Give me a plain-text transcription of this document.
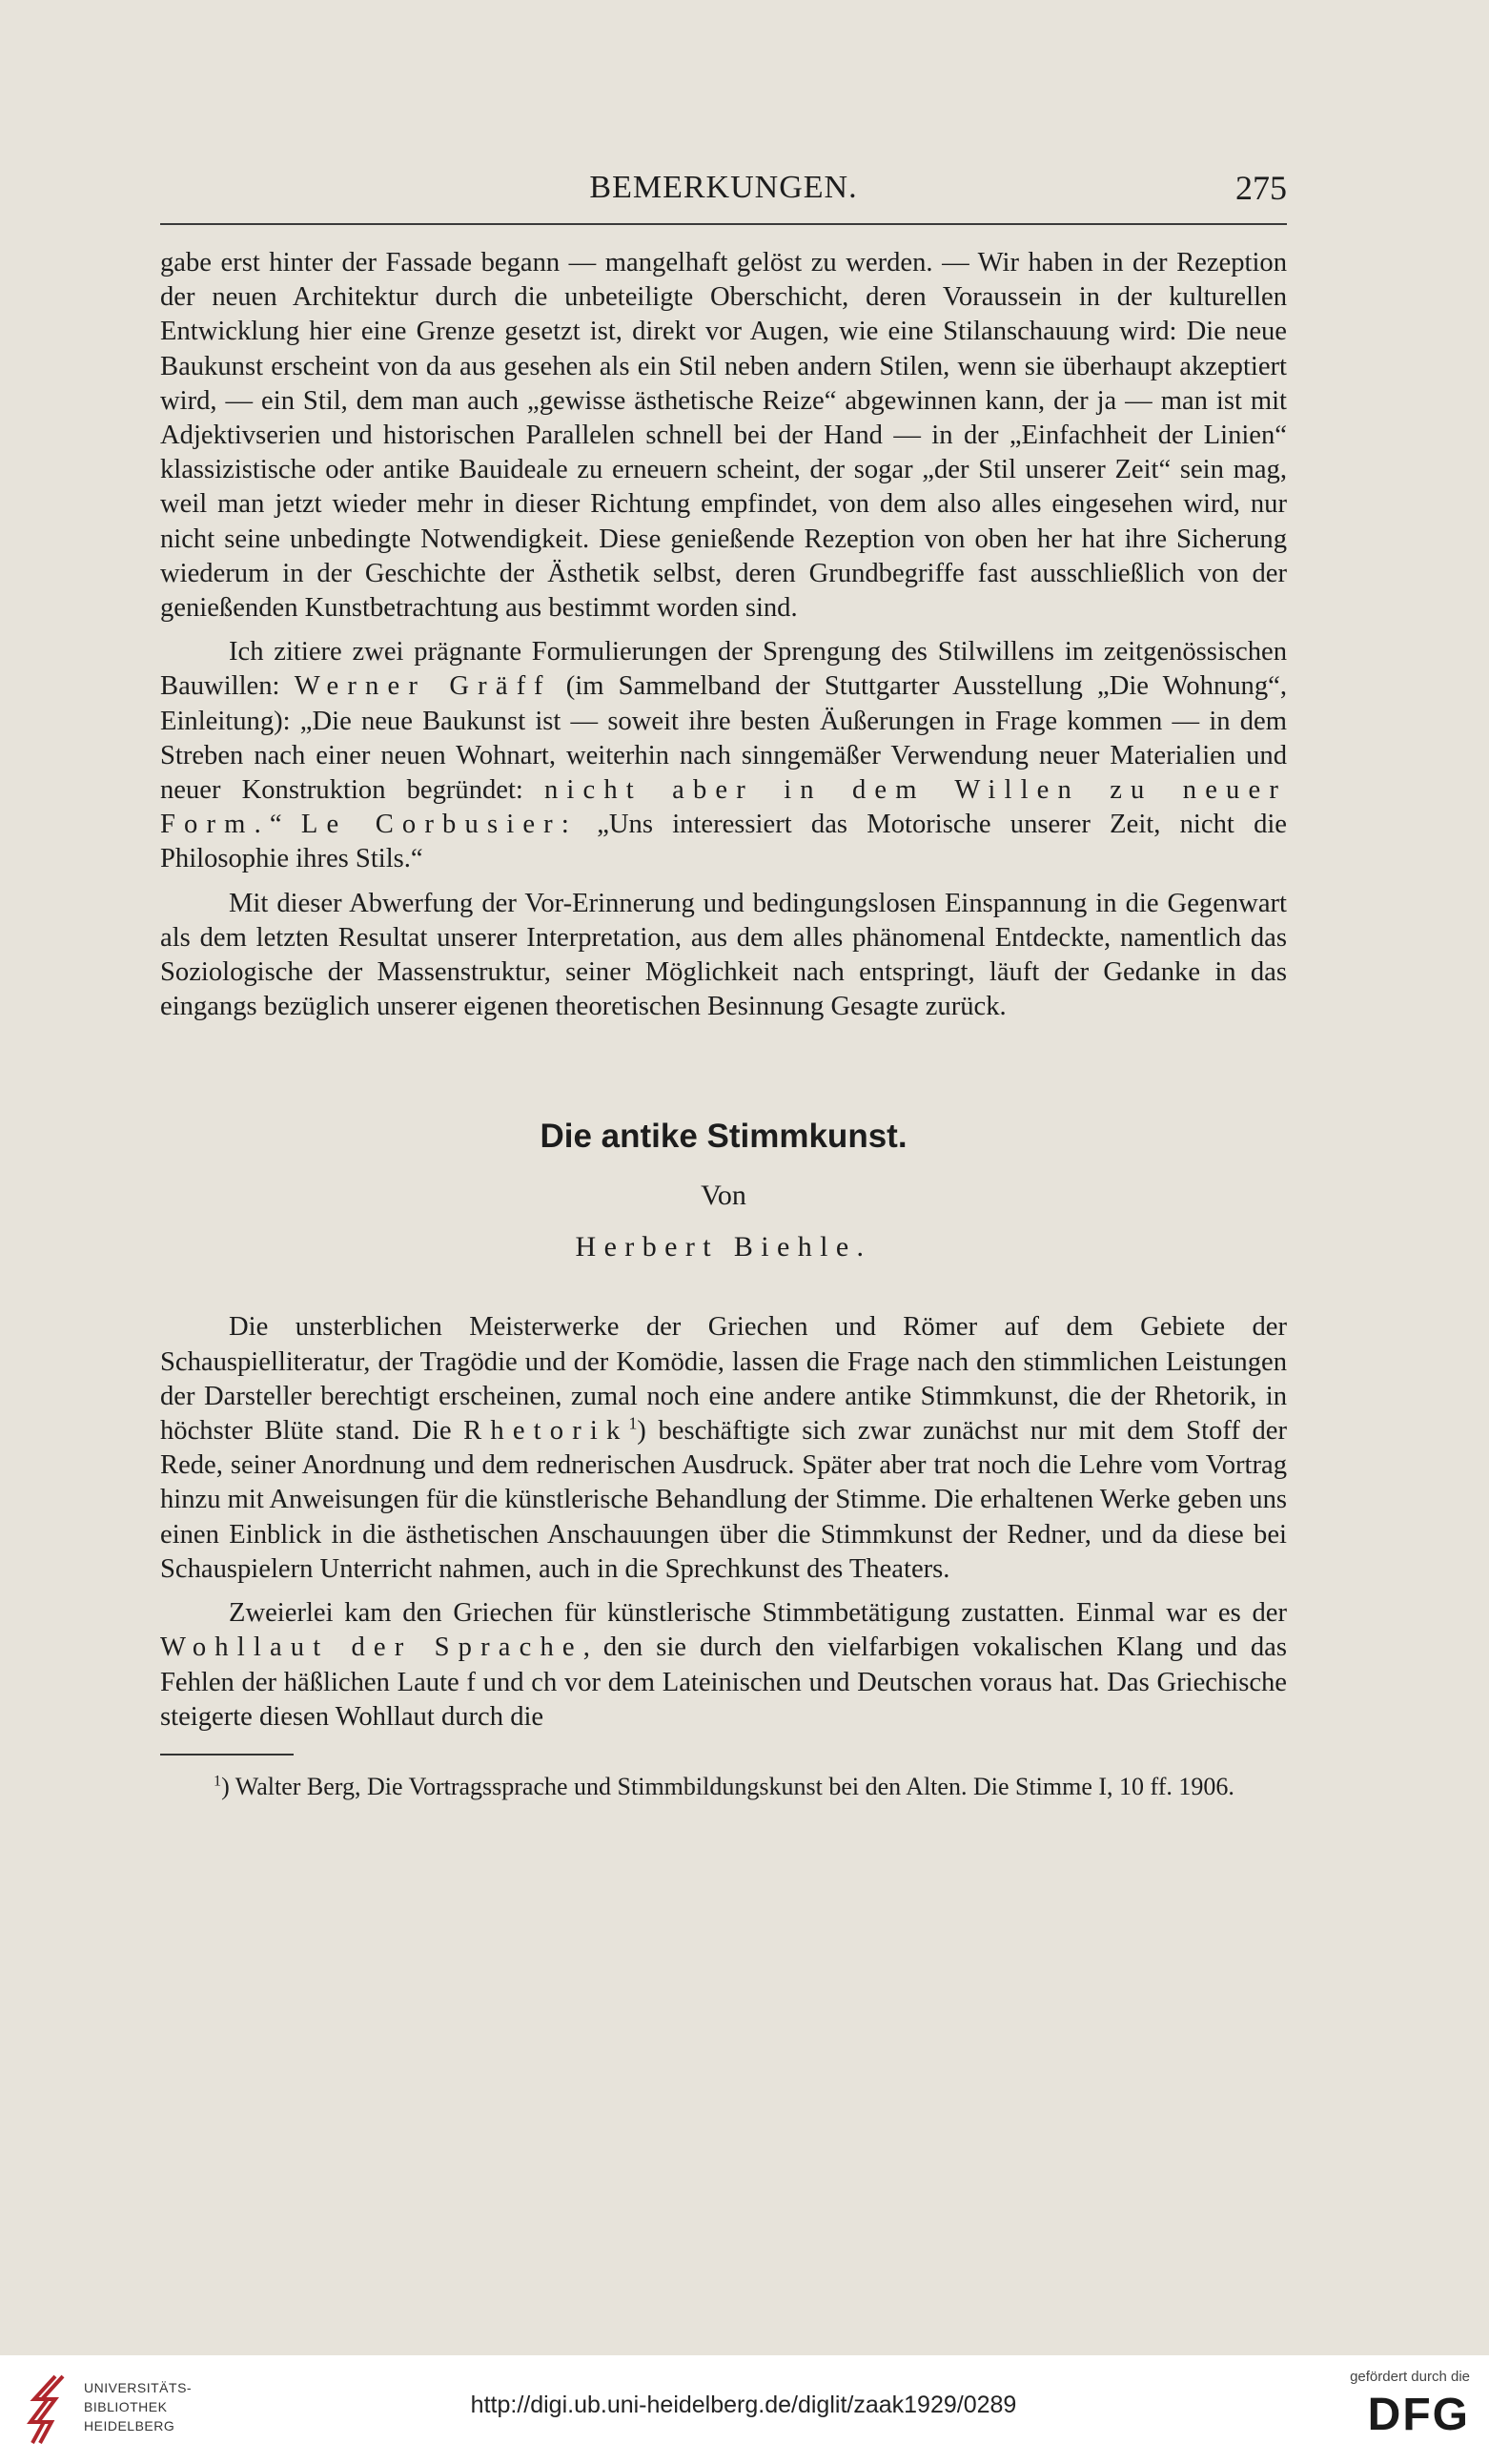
BEMERKUNGEN.	275

gabe erst hinter der Fassade begann — mangelhaft gelöst zu werden. — Wir haben in der Rezeption der neuen Architektur durch die unbeteiligte Oberschicht, deren Voraussein in der kulturellen Entwicklung hier eine Grenze gesetzt ist, direkt vor Augen, wie eine Stilanschauung wird: Die neue Baukunst erscheint von da aus gesehen als ein Stil neben andern Stilen, wenn sie überhaupt akzeptiert wird, — ein Stil, dem man auch „gewisse ästhetische Reize“ abgewinnen kann, der ja — man ist mit Adjektivserien und historischen Parallelen schnell bei der Hand — in der „Einfachheit der Linien“ klassizistische oder antike Bauideale zu erneuern scheint, der sogar „der Stil unserer Zeit“ sein mag, weil man jetzt wieder mehr in dieser Richtung empfindet, von dem also alles eingesehen wird, nur nicht seine unbedingte Notwendigkeit. Diese genießende Rezeption von oben her hat ihre Sicherung wiederum in der Geschichte der Ästhetik selbst, deren Grundbegriffe fast ausschließlich von der genießenden Kunstbetrachtung aus bestimmt worden sind.

Ich zitiere zwei prägnante Formulierungen der Sprengung des Stilwillens im zeitgenössischen Bauwillen: Werner Gräff (im Sammelband der Stuttgarter Ausstellung „Die Wohnung“, Einleitung): „Die neue Baukunst ist — soweit ihre besten Äußerungen in Frage kommen — in dem Streben nach einer neuen Wohnart, weiterhin nach sinngemäßer Verwendung neuer Materialien und neuer Konstruktion begründet: nicht aber in dem Willen zu neuer Form.“ Le Corbusier: „Uns interessiert das Motorische unserer Zeit, nicht die Philosophie ihres Stils.“

Mit dieser Abwerfung der Vor-Erinnerung und bedingungslosen Einspannung in die Gegenwart als dem letzten Resultat unserer Interpretation, aus dem alles phänomenal Entdeckte, namentlich das Soziologische der Massenstruktur, seiner Möglichkeit nach entspringt, läuft der Gedanke in das eingangs bezüglich unserer eigenen theoretischen Besinnung Gesagte zurück.

Die antike Stimmkunst.
Von
Herbert Biehle.

Die unsterblichen Meisterwerke der Griechen und Römer auf dem Gebiete der Schauspielliteratur, der Tragödie und der Komödie, lassen die Frage nach den stimmlichen Leistungen der Darsteller berechtigt erscheinen, zumal noch eine andere antike Stimmkunst, die der Rhetorik, in höchster Blüte stand. Die Rhetorik$^1$) beschäftigte sich zwar zunächst nur mit dem Stoff der Rede, seiner Anordnung und dem rednerischen Ausdruck. Später aber trat noch die Lehre vom Vortrag hinzu mit Anweisungen für die künstlerische Behandlung der Stimme. Die erhaltenen Werke geben uns einen Einblick in die ästhetischen Anschauungen über die Stimmkunst der Redner, und da diese bei Schauspielern Unterricht nahmen, auch in die Sprechkunst des Theaters.

Zweierlei kam den Griechen für künstlerische Stimmbetätigung zustatten. Einmal war es der Wohllaut der Sprache, den sie durch den vielfarbigen vokalischen Klang und das Fehlen der häßlichen Laute f und ch vor dem Lateinischen und Deutschen voraus hat. Das Griechische steigerte diesen Wohllaut durch die

$^1$) Walter Berg, Die Vortragssprache und Stimmbildungskunst bei den Alten. Die Stimme I, 10 ff. 1906.

UNIVERSITÄTS-
BIBLIOTHEK
HEIDELBERG
http://digi.ub.uni-heidelberg.de/diglit/zaak1929/0289
gefördert durch die
DFG
